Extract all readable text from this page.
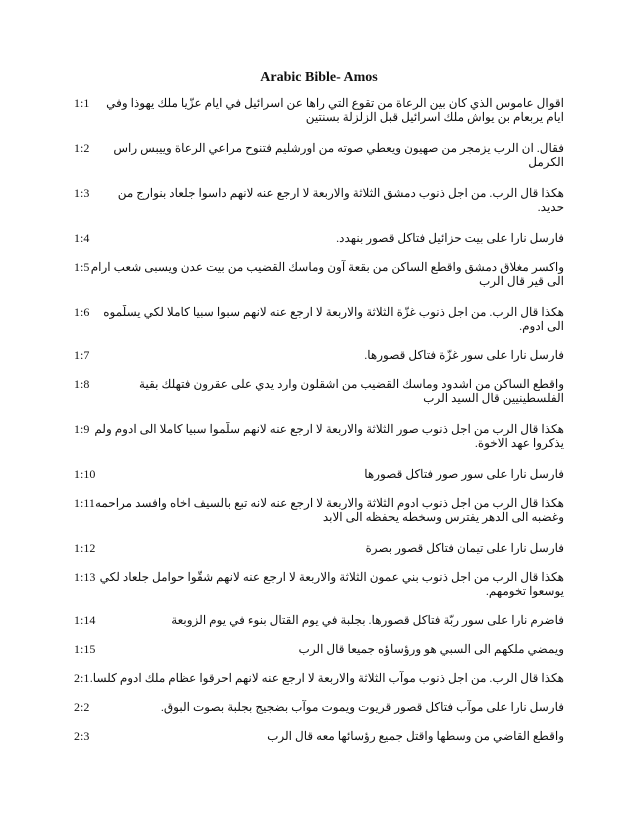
Arabic Bible- Amos
1:1 اقوال عاموس الذي كان بين الرعاة من تقوع التي راها عن اسرائيل في ايام عزّيا ملك يهوذا وفي ايام يربعام بن يواش ملك اسرائيل قبل الزلزلة بسنتين
1:2 فقال. ان الرب يزمجر من صهيون ويعطي صوته من اورشليم فتنوح مراعي الرعاة وييبس راس الكرمل
1:3 هكذا قال الرب. من اجل ذنوب دمشق الثلاثة والاربعة لا ارجع عنه لانهم داسوا جلعاد بنوارج من حديد.
1:4	فارسل نارا على بيت حزائيل فتاكل قصور بنهدد.
1:5 واكسر مغلاق دمشق واقطع الساكن من بقعة آون وماسك القضيب من بيت عدن ويسبى شعب ارام الى قير قال الرب
1:6 هكذا قال الرب. من اجل ذنوب غزّة الثلاثة والاربعة لا ارجع عنه لانهم سبوا سبيا كاملا لكي يسلّموه الى ادوم.
1:7	فارسل نارا على سور غزّة فتاكل قصورها.
1:8	واقطع الساكن من اشدود وماسك القضيب من اشقلون وارد يدي على عقرون فتهلك بقية الفلسطينيين قال السيد الرب
1:9 هكذا قال الرب من اجل ذنوب صور الثلاثة والاربعة لا ارجع عنه لانهم سلّموا سبيا كاملا الى ادوم ولم يذكروا عهد الاخوة.
1:10	فارسل نارا على سور صور فتاكل قصورها
1:11 هكذا قال الرب من اجل ذنوب ادوم الثلاثة والاربعة لا ارجع عنه لانه تبع بالسيف اخاه وافسد مراحمه وغضبه الى الدهر يفترس وسخطه يحفظه الى الابد
1:12	فارسل نارا على تيمان فتاكل قصور بصرة
1:13 هكذا قال الرب من اجل ذنوب بني عمون الثلاثة والاربعة لا ارجع عنه لانهم شقّوا حوامل جلعاد لكي يوسعوا تخومهم.
1:14	فاضرم نارا على سور ربّة فتاكل قصورها. بجلبة في يوم القتال بنوء في يوم الزوبعة
1:15	ويمضي ملكهم الى السبي هو ورؤساؤه جميعا قال الرب
2:1 هكذا قال الرب. من اجل ذنوب موآب الثلاثة والاربعة لا ارجع عنه لانهم احرقوا عظام ملك ادوم كلسا.
2:2	فارسل نارا على موآب فتاكل قصور قريوت ويموت موآب بضجيج بجلبة بصوت البوق.
2:3	واقطع القاضي من وسطها واقتل جميع رؤسائها معه قال الرب
